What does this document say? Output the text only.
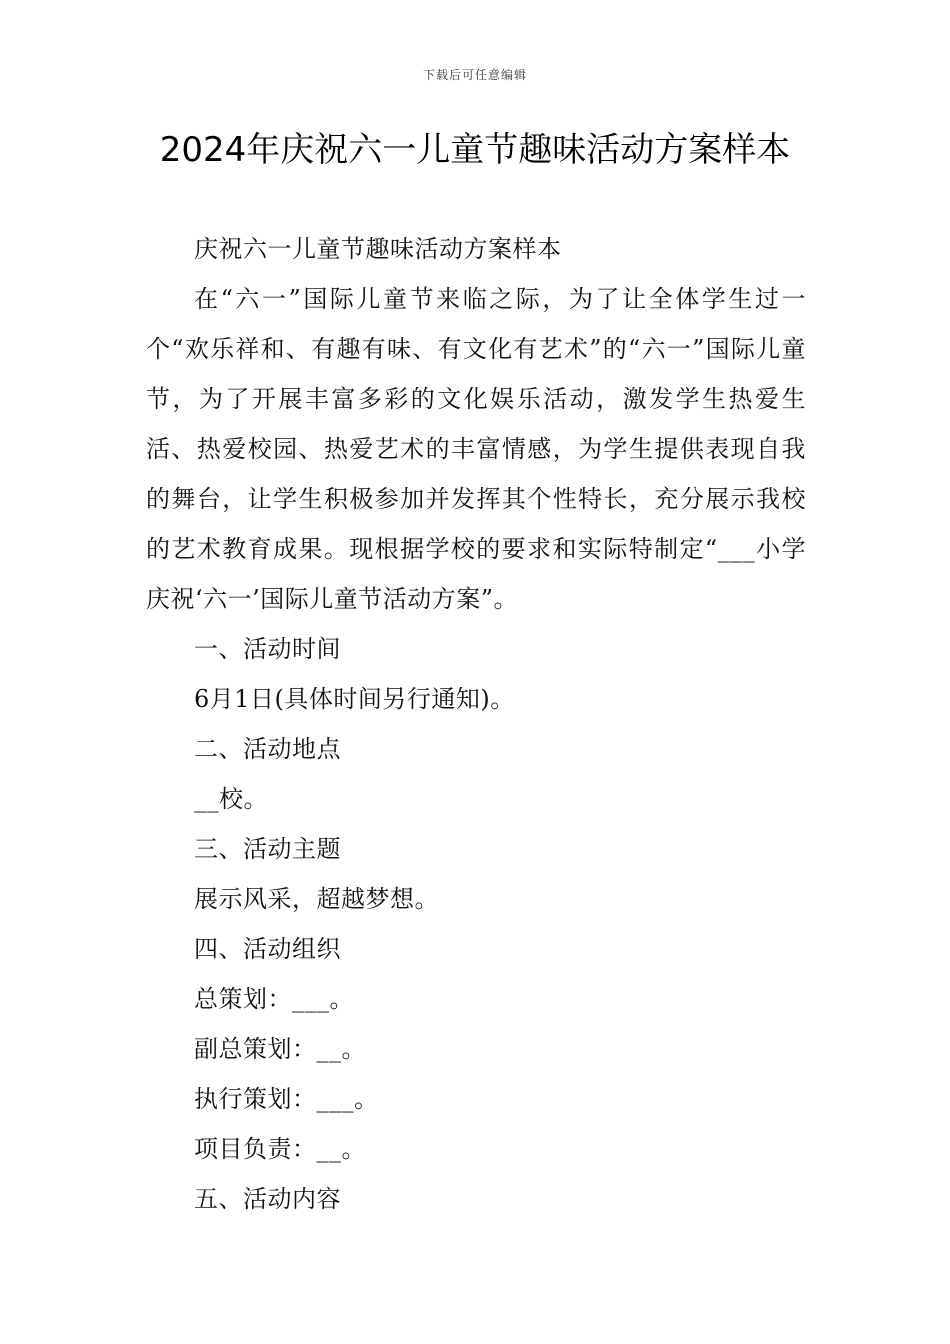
下载后可任意编辑
2024年庆祝六一儿童节趣味活动方案样本

庆祝六一儿童节趣味活动方案样本

在“六一”国际儿童节来临之际，为了让全体学生过一个“欢乐祥和、有趣有味、有文化有艺术”的“六一”国际儿童节，为了开展丰富多彩的文化娱乐活动，激发学生热爱生活、热爱校园、热爱艺术的丰富情感，为学生提供表现自我的舞台，让学生积极参加并发挥其个性特长，充分展示我校的艺术教育成果。现根据学校的要求和实际特制定“___小学庆祝‘六一’国际儿童节活动方案”。

一、活动时间

6月1日(具体时间另行通知)。

二、活动地点

__校。

三、活动主题

展示风采，超越梦想。

四、活动组织

总策划：___。

副总策划：__。

执行策划：___。

项目负责：__。

五、活动内容
